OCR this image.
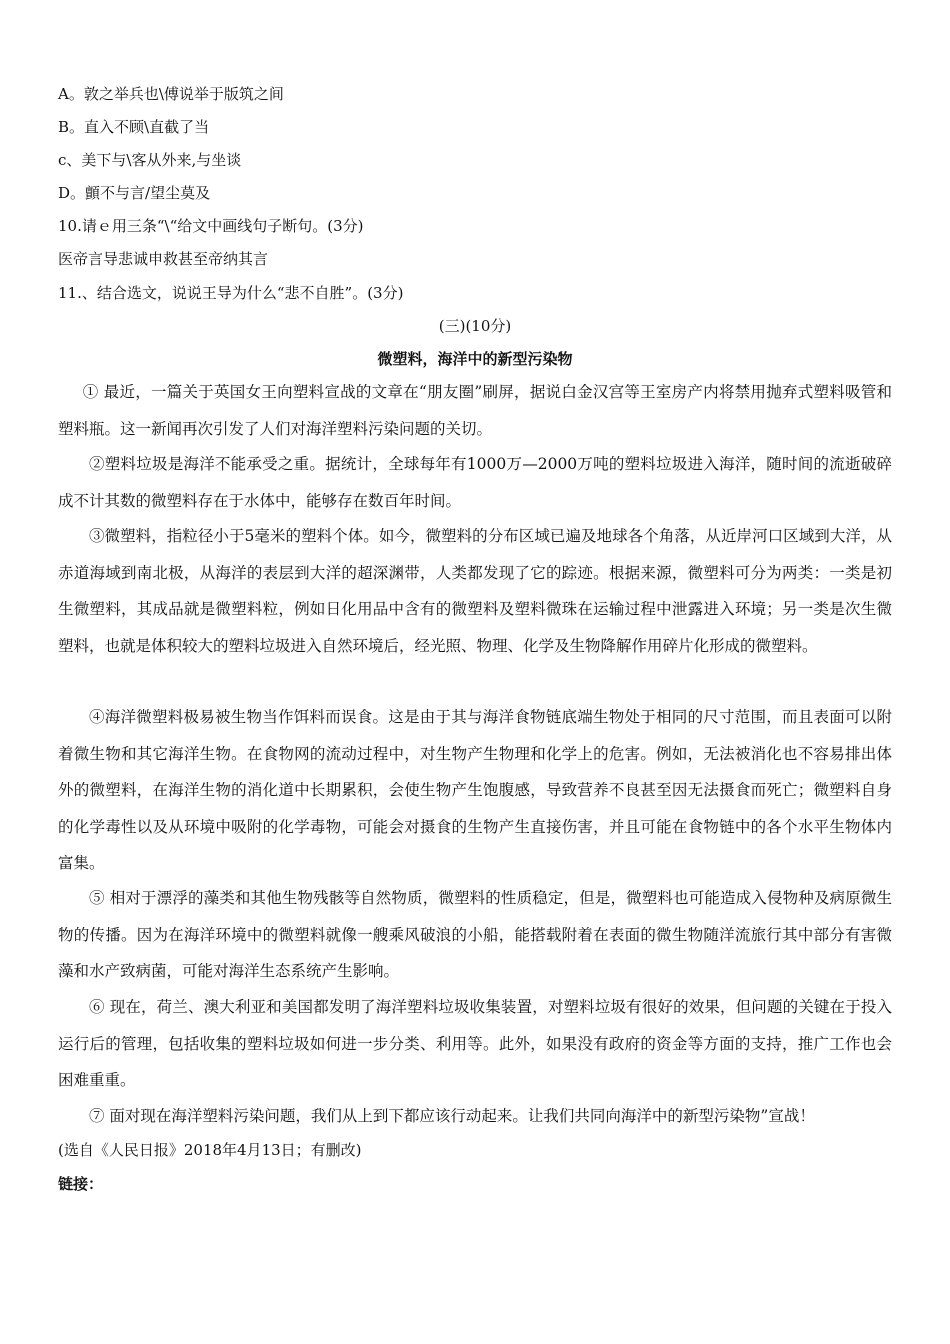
A。敦之举兵也\傅说举于版筑之间
B。直入不顾\直截了当
c、美下与\客从外来,与坐谈
D。顫不与言/望尘莫及
10.请ｅ用三条“\“给文中画线句子断句。(3分)
医帝言导悲诚申救甚至帝纳其言
11.、结合选文，说说王导为什么“悲不自胜”。(3分)
(三)(10分)
微塑料，海洋中的新型污染物

① 最近，一篇关于英国女王向塑料宣战的文章在“朋友圈”刷屏，据说白金汉宫等王室房产内将禁用抛弃式塑料吸管和塑料瓶。这一新闻再次引发了人们对海洋塑料污染问题的关切。

②塑料垃圾是海洋不能承受之重。据统计，全球每年有1000万—2000万吨的塑料垃圾进入海洋，随时间的流逝破碎成不计其数的微塑料存在于水体中，能够存在数百年时间。

③微塑料，指粒径小于5毫米的塑料个体。如今，微塑料的分布区域已遍及地球各个角落，从近岸河口区域到大洋，从赤道海域到南北极，从海洋的表层到大洋的超深渊带，人类都发现了它的踪迹。根据来源，微塑料可分为两类：一类是初生微塑料，其成品就是微塑料粒，例如日化用品中含有的微塑料及塑料微珠在运输过程中泄露进入环境；另一类是次生微塑料，也就是体积较大的塑料垃圾进入自然环境后，经光照、物理、化学及生物降解作用碎片化形成的微塑料。

④海洋微塑料极易被生物当作饵料而误食。这是由于其与海洋食物链底端生物处于相同的尺寸范围，而且表面可以附着微生物和其它海洋生物。在食物网的流动过程中，对生物产生物理和化学上的危害。例如，无法被消化也不容易排出体外的微塑料，在海洋生物的消化道中长期累积，会使生物产生饱腹感，导致营养不良甚至因无法摄食而死亡；微塑料自身的化学毒性以及从环境中吸附的化学毒物，可能会对摄食的生物产生直接伤害，并且可能在食物链中的各个水平生物体内富集。

⑤ 相对于漂浮的藻类和其他生物残骸等自然物质，微塑料的性质稳定，但是，微塑料也可能造成入侵物种及病原微生物的传播。因为在海洋环境中的微塑料就像一艘乘风破浪的小船，能搭载附着在表面的微生物随洋流旅行其中部分有害微藻和水产致病菌，可能对海洋生态系统产生影响。

⑥ 现在，荷兰、澳大利亚和美国都发明了海洋塑料垃圾收集装置，对塑料垃圾有很好的效果，但问题的关键在于投入运行后的管理，包括收集的塑料垃圾如何进一步分类、利用等。此外，如果没有政府的资金等方面的支持，推广工作也会困难重重。

⑦ 面对现在海洋塑料污染问题，我们从上到下都应该行动起来。让我们共同向海洋中的新型污染物”宣战！

(选自《人民日报》2018年4月13日；有删改)
链接：
